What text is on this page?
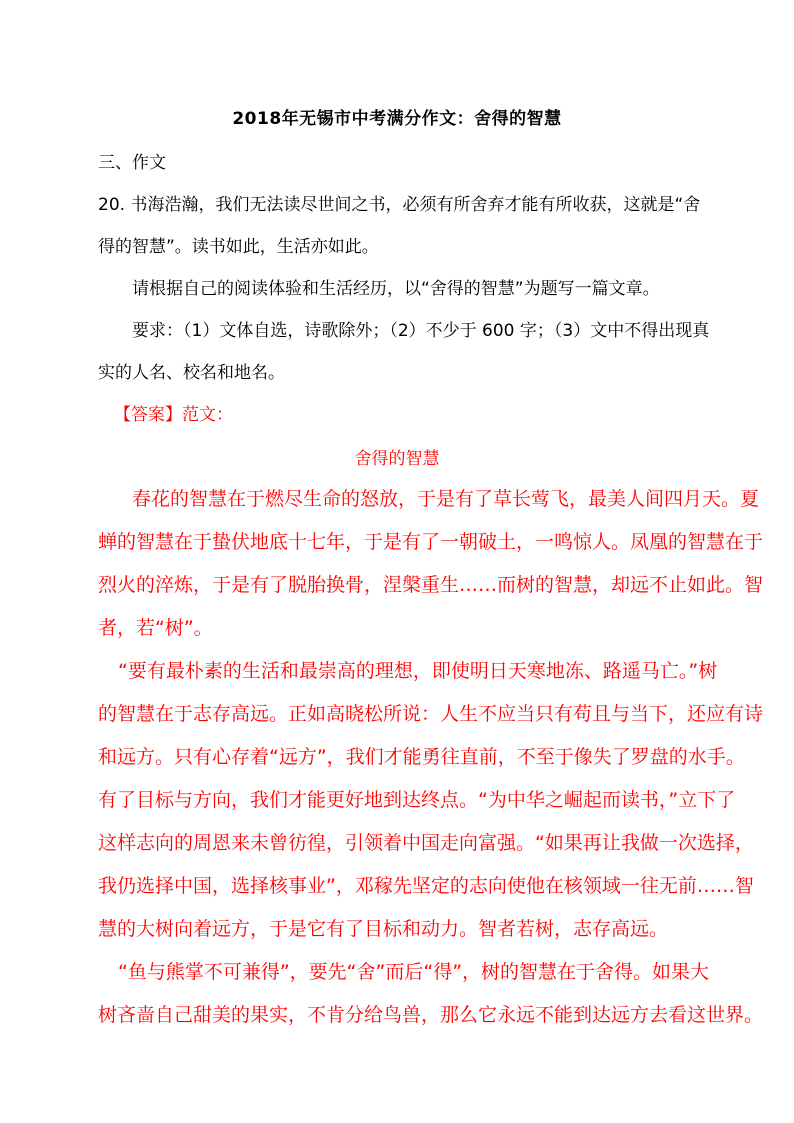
2018年无锡市中考满分作文：舍得的智慧
三、作文
20. 书海浩瀚，我们无法读尽世间之书，必须有所舍弃才能有所收获，这就是“舍
得的智慧”。读书如此，生活亦如此。
请根据自己的阅读体验和生活经历，以“舍得的智慧”为题写一篇文章。
要求：（1）文体自选，诗歌除外；（2）不少于 600 字；（3）文中不得出现真
实的人名、校名和地名。
【答案】范文：
舍得的智慧
春花的智慧在于燃尽生命的怒放，于是有了草长莺飞，最美人间四月天。夏
蝉的智慧在于蛰伏地底十七年，于是有了一朝破土，一鸣惊人。凤凰的智慧在于
烈火的淬炼，于是有了脱胎换骨，涅槃重生……而树的智慧，却远不止如此。智
者，若“树”。
“要有最朴素的生活和最崇高的理想，即使明日天寒地冻、路遥马亡。”树
的智慧在于志存高远。正如高晓松所说：人生不应当只有苟且与当下，还应有诗
和远方。只有心存着“远方”，我们才能勇往直前，不至于像失了罗盘的水手。
有了目标与方向，我们才能更好地到达终点。“为中华之崛起而读书，”立下了
这样志向的周恩来未曾彷徨，引领着中国走向富强。“如果再让我做一次选择，
我仍选择中国，选择核事业”，邓稼先坚定的志向使他在核领域一往无前……智
慧的大树向着远方，于是它有了目标和动力。智者若树，志存高远。
“鱼与熊掌不可兼得”，要先“舍”而后“得”，树的智慧在于舍得。如果大
树吝啬自己甜美的果实，不肯分给鸟兽，那么它永远不能到达远方去看这世界。
